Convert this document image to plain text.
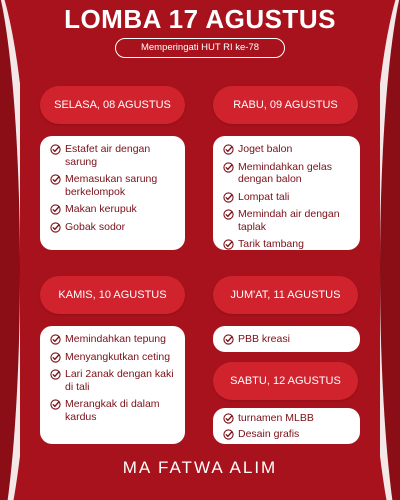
LOMBA 17 AGUSTUS
Memperingati HUT RI ke-78
SELASA, 08 AGUSTUS
Estafet air dengan sarung
Memasukan sarung berkelompok
Makan kerupuk
Gobak sodor
RABU, 09 AGUSTUS
Joget balon
Memindahkan gelas dengan balon
Lompat tali
Memindah air dengan taplak
Tarik tambang
KAMIS, 10 AGUSTUS
Memindahkan tepung
Menyangkutkan ceting
Lari 2anak dengan kaki di tali
Merangkak di dalam kardus
JUM'AT, 11 AGUSTUS
PBB kreasi
SABTU, 12 AGUSTUS
turnamen MLBB
Desain grafis
MA FATWA ALIM
